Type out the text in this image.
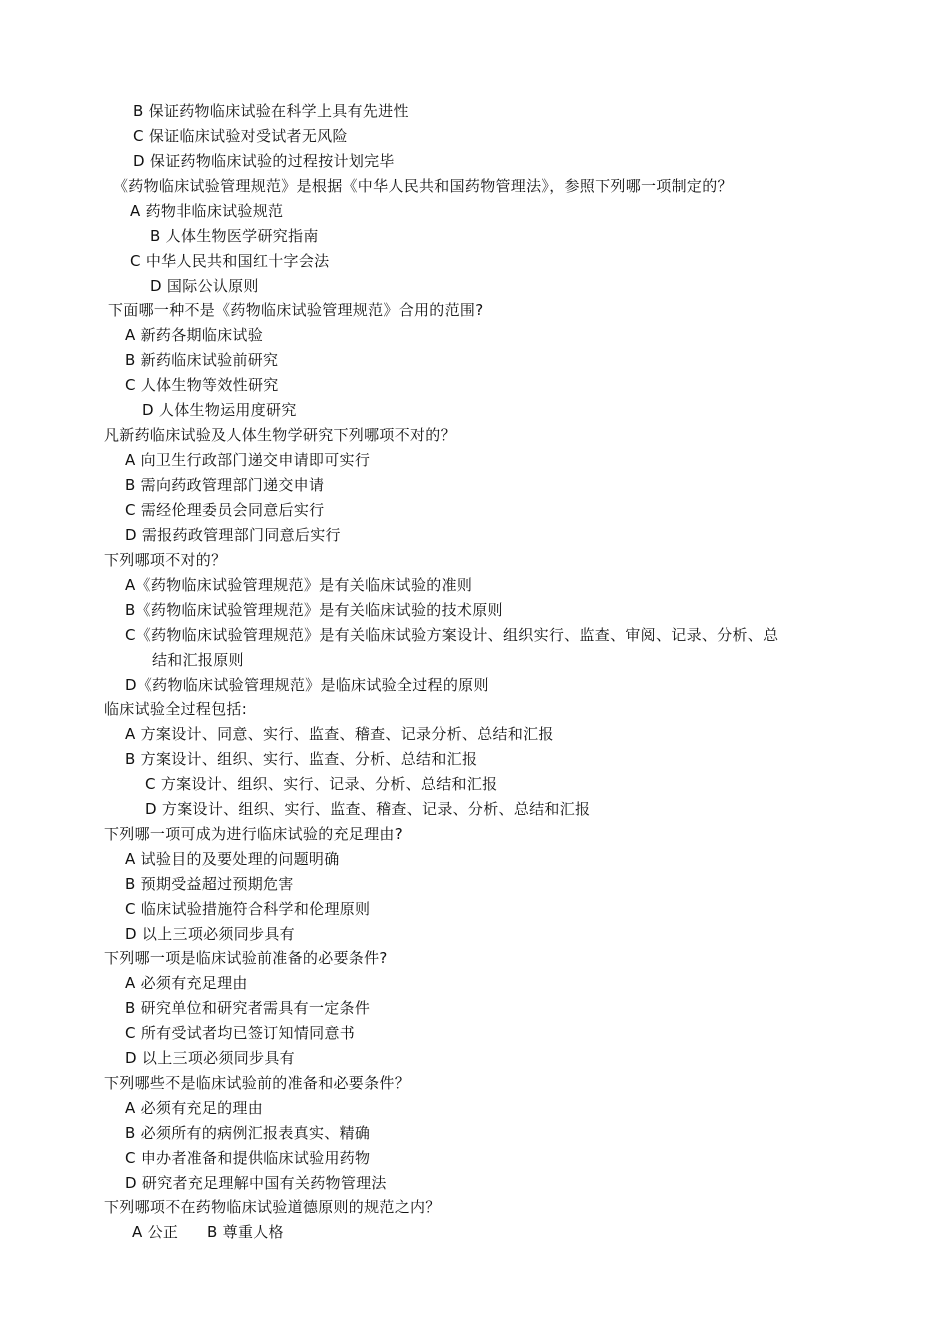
B 保证药物临床试验在科学上具有先进性
C 保证临床试验对受试者无风险
D 保证药物临床试验的过程按计划完毕
《药物临床试验管理规范》是根据《中华人民共和国药物管理法》，参照下列哪一项制定的？
A 药物非临床试验规范
B 人体生物医学研究指南
C 中华人民共和国红十字会法
D 国际公认原则
下面哪一种不是《药物临床试验管理规范》合用的范围?
A 新药各期临床试验
B 新药临床试验前研究
C 人体生物等效性研究
D 人体生物运用度研究
凡新药临床试验及人体生物学研究下列哪项不对的？
A 向卫生行政部门递交申请即可实行
B 需向药政管理部门递交申请
C 需经伦理委员会同意后实行
D 需报药政管理部门同意后实行
下列哪项不对的？
A《药物临床试验管理规范》是有关临床试验的准则
B《药物临床试验管理规范》是有关临床试验的技术原则
C《药物临床试验管理规范》是有关临床试验方案设计、组织实行、监查、审阅、记录、分析、总
结和汇报原则
D《药物临床试验管理规范》是临床试验全过程的原则
临床试验全过程包括:
A 方案设计、同意、实行、监查、稽查、记录分析、总结和汇报
B 方案设计、组织、实行、监查、分析、总结和汇报
C 方案设计、组织、实行、记录、分析、总结和汇报
D 方案设计、组织、实行、监查、稽查、记录、分析、总结和汇报
下列哪一项可成为进行临床试验的充足理由?
A 试验目的及要处理的问题明确
B 预期受益超过预期危害
C 临床试验措施符合科学和伦理原则
D 以上三项必须同步具有
下列哪一项是临床试验前准备的必要条件?
A 必须有充足理由
B 研究单位和研究者需具有一定条件
C 所有受试者均已签订知情同意书
D 以上三项必须同步具有
下列哪些不是临床试验前的准备和必要条件？
A 必须有充足的理由
B 必须所有的病例汇报表真实、精确
C 申办者准备和提供临床试验用药物
D 研究者充足理解中国有关药物管理法
下列哪项不在药物临床试验道德原则的规范之内？
A 公正 B 尊重人格
